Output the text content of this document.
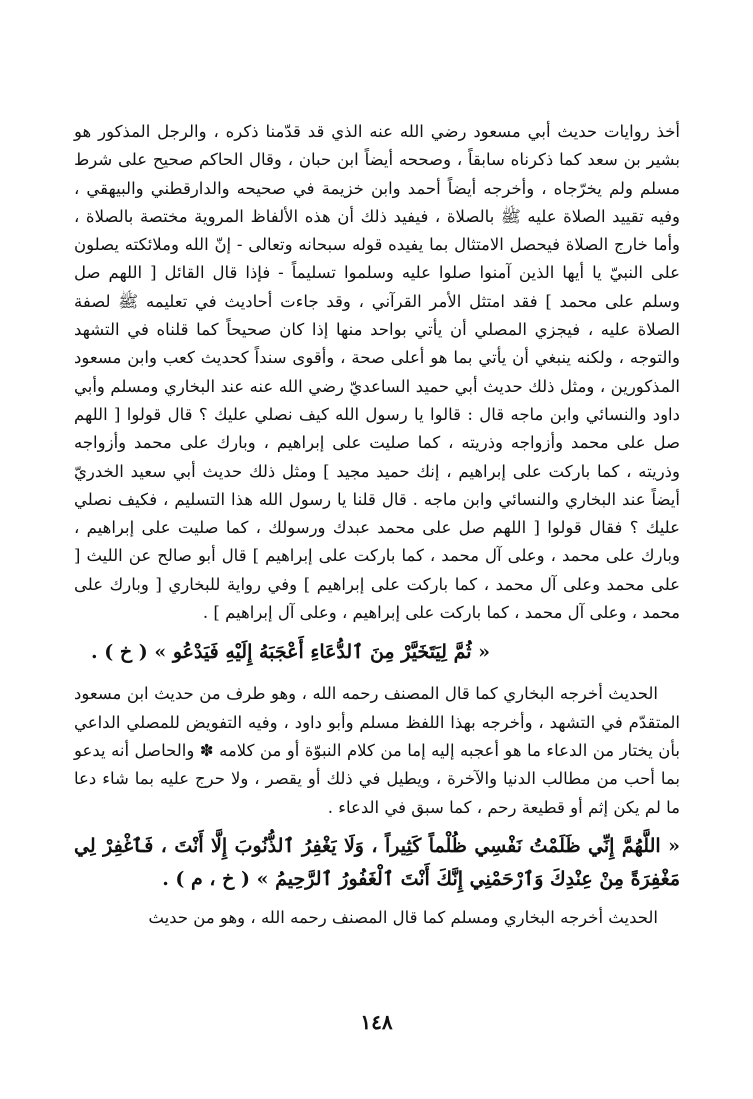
أخذ روايات حديث أبي مسعود رضي الله عنه الذي قد قدّمنا ذكره ، والرجل المذكور هو بشير بن سعد كما ذكرناه سابقاً ، وصححه أيضاً ابن حبان ، وقال الحاكم صحيح على شرط مسلم ولم يخرّجاه ، وأخرجه أيضاً أحمد وابن خزيمة في صحيحه والدارقطني والبيهقي ، وفيه تقييد الصلاة عليه ﷺ بالصلاة ، فيفيد ذلك أن هذه الألفاظ المروية مختصة بالصلاة ، وأما خارج الصلاة فيحصل الامتثال بما يفيده قوله سبحانه وتعالى - إنّ الله وملائكته يصلون على النبيّ يا أيها الذين آمنوا صلوا عليه وسلموا تسليماً - فإذا قال القائل [ اللهم صل وسلم على محمد ] فقد امتثل الأمر القرآني ، وقد جاءت أحاديث في تعليمه ﷺ لصفة الصلاة عليه ، فيجزي المصلي أن يأتي بواحد منها إذا كان صحيحاً كما قلناه في التشهد والتوجه ، ولكنه ينبغي أن يأتي بما هو أعلى صحة ، وأقوى سنداً كحديث كعب وابن مسعود المذكورين ، ومثل ذلك حديث أبي حميد الساعديّ رضي الله عنه عند البخاري ومسلم وأبي داود والنسائي وابن ماجه قال : قالوا يا رسول الله كيف نصلي عليك ؟ قال قولوا [ اللهم صل على محمد وأزواجه وذريته ، كما صليت على إبراهيم ، وبارك على محمد وأزواجه وذريته ، كما باركت على إبراهيم ، إنك حميد مجيد ] ومثل ذلك حديث أبي سعيد الخدريّ أيضاً عند البخاري والنسائي وابن ماجه . قال قلنا يا رسول الله هذا التسليم ، فكيف نصلي عليك ؟ فقال قولوا [ اللهم صل على محمد عبدك ورسولك ، كما صليت على إبراهيم ، وبارك على محمد ، وعلى آل محمد ، كما باركت على إبراهيم ] قال أبو صالح عن الليث [ على محمد وعلى آل محمد ، كما باركت على إبراهيم ] وفي رواية للبخاري [ وبارك على محمد ، وعلى آل محمد ، كما باركت على إبراهيم ، وعلى آل إبراهيم ] .

« ثُمَّ لِيَتَخَيَّرْ مِنَ ٱلدُّعَاءِ أَعْجَبَهُ إِلَيْهِ فَيَدْعُو » ( خ ) .

الحديث أخرجه البخاري كما قال المصنف رحمه الله ، وهو طرف من حديث ابن مسعود المتقدّم في التشهد ، وأخرجه بهذا اللفظ مسلم وأبو داود ، وفيه التفويض للمصلي الداعي بأن يختار من الدعاء ما هو أعجبه إليه إما من كلام النبوّة أو من كلامه ✽ والحاصل أنه يدعو بما أحب من مطالب الدنيا والآخرة ، ويطيل في ذلك أو يقصر ، ولا حرج عليه بما شاء دعا ما لم يكن إثم أو قطيعة رحم ، كما سبق في الدعاء .

« اللَّهُمَّ إِنِّي ظَلَمْتُ نَفْسِي ظُلْماً كَثِيراً ، وَلَا يَغْفِرُ ٱلذُّنُوبَ إِلَّا أَنْتَ ، فَٱغْفِرْ لِي مَغْفِرَةً مِنْ عِنْدِكَ وَٱرْحَمْنِي إِنَّكَ أَنْتَ ٱلْغَفُورُ ٱلرَّحِيمُ » ( خ ، م ) .

الحديث أخرجه البخاري ومسلم كما قال المصنف رحمه الله ، وهو من حديث

١٤٨
